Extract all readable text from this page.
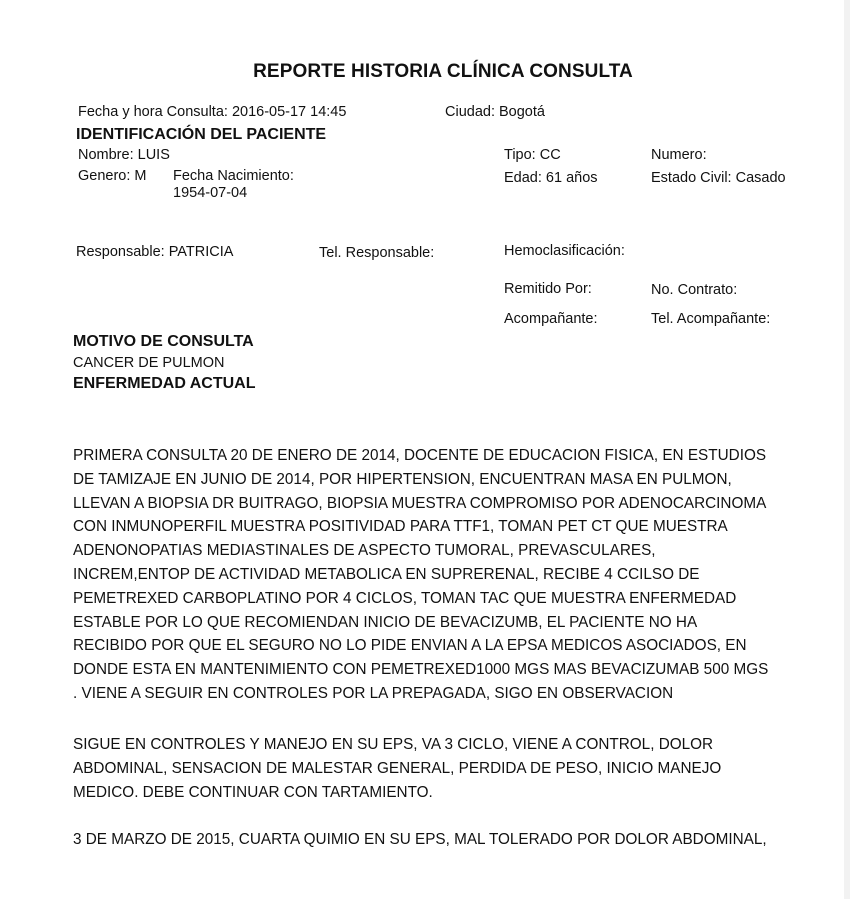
REPORTE HISTORIA CLÍNICA CONSULTA
Fecha y hora Consulta: 2016-05-17 14:45	Ciudad: Bogotá
IDENTIFICACIÓN DEL PACIENTE
Nombre: LUIS	Tipo: CC	Numero:
Genero: M Fecha Nacimiento:
1954-07-04
Edad: 61 años	Estado Civil: Casado
Responsable: PATRICIA	Tel. Responsable:	Hemoclasificación:
Remitido Por:	No. Contrato:
Acompañante:	Tel. Acompañante:
MOTIVO DE CONSULTA
CANCER DE PULMON
ENFERMEDAD ACTUAL
PRIMERA CONSULTA 20 DE ENERO DE 2014, DOCENTE DE EDUCACION FISICA, EN ESTUDIOS
DE TAMIZAJE EN JUNIO DE 2014, POR HIPERTENSION, ENCUENTRAN MASA EN PULMON,
LLEVAN A BIOPSIA DR BUITRAGO, BIOPSIA MUESTRA COMPROMISO POR ADENOCARCINOMA
CON INMUNOPERFIL MUESTRA POSITIVIDAD PARA TTF1, TOMAN PET CT QUE MUESTRA
ADENONOPATIAS MEDIASTINALES DE ASPECTO TUMORAL, PREVASCULARES,
INCREM,ENTOP DE ACTIVIDAD METABOLICA EN SUPRERENAL, RECIBE 4 CCILSO DE
PEMETREXED CARBOPLATINO POR 4 CICLOS, TOMAN TAC QUE MUESTRA ENFERMEDAD
ESTABLE POR LO QUE RECOMIENDAN INICIO DE BEVACIZUMB, EL PACIENTE NO HA
RECIBIDO POR QUE EL SEGURO NO LO PIDE ENVIAN A LA EPSA MEDICOS ASOCIADOS, EN
DONDE ESTA EN MANTENIMIENTO CON PEMETREXED1000 MGS MAS BEVACIZUMAB 500 MGS
. VIENE A SEGUIR EN CONTROLES POR LA PREPAGADA, SIGO EN OBSERVACION
SIGUE EN CONTROLES Y MANEJO EN SU EPS, VA 3 CICLO, VIENE A CONTROL, DOLOR
ABDOMINAL, SENSACION DE MALESTAR GENERAL, PERDIDA DE PESO, INICIO MANEJO
MEDICO. DEBE CONTINUAR CON TARTAMIENTO.
3 DE MARZO DE 2015, CUARTA QUIMIO EN SU EPS, MAL TOLERADO POR DOLOR ABDOMINAL,
